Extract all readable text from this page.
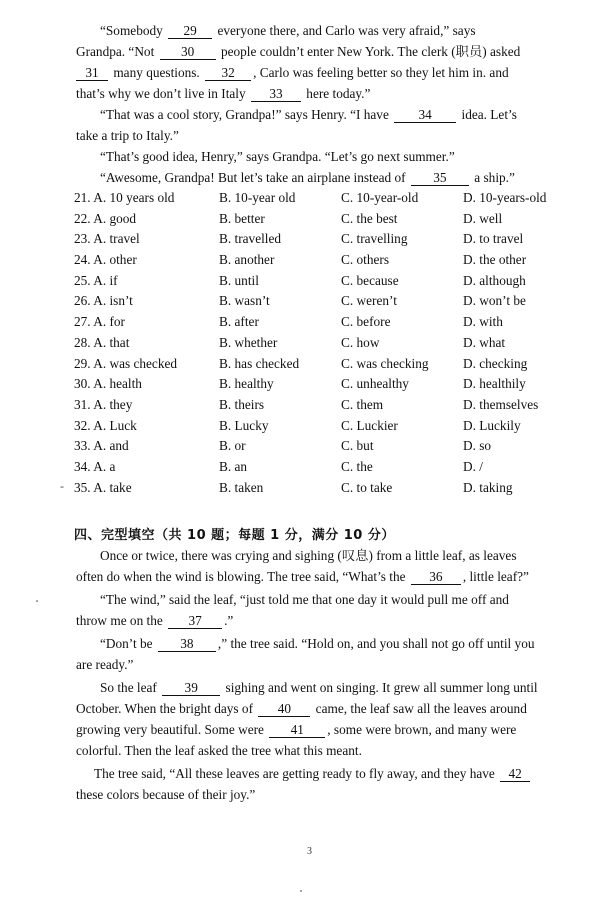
“Somebody 29 everyone there, and Carlo was very afraid,” says
Grandpa. “Not 30 people couldn’t enter New York. The clerk (职员) asked
31 many questions. 32 , Carlo was feeling better so they let him in. and
that’s why we don’t live in Italy 33 here today.”
“That was a cool story, Grandpa!” says Henry. “I have 34 idea. Let’s
take a trip to Italy.”
“That’s good idea, Henry,” says Grandpa. “Let’s go next summer.”
“Awesome, Grandpa! But let’s take an airplane instead of 35 a ship.”
21. A. 10 years old	B. 10-year old	C. 10-year-old	D. 10-years-old
22. A. good	B. better	C. the best	D. well
23. A. travel	B. travelled	C. travelling	D. to travel
24. A. other	B. another	C. others	D. the other
25. A. if	B. until	C. because	D. although
26. A. isn’t	B. wasn’t	C. weren’t	D. won’t be
27. A. for	B. after	C. before	D. with
28. A. that	B. whether	C. how	D. what
29. A. was checked	B. has checked	C. was checking	D. checking
30. A. health	B. healthy	C. unhealthy	D. healthily
31. A. they	B. theirs	C. them	D. themselves
32. A. Luck	B. Lucky	C. Luckier	D. Luckily
33. A. and	B. or	C. but	D. so
34. A. a	B. an	C. the	D. /
35. A. take	B. taken	C. to take	D. taking
-
四、完型填空（共 10 题；每题 1 分，满分 10 分）
Once or twice, there was crying and sighing (叹息) from a little leaf, as leaves
often do when the wind is blowing. The tree said, “What’s the 36 , little leaf?”
“The wind,” said the leaf, “just told me that one day it would pull me off and
throw me on the 37 .”
“Don’t be 38 ,” the tree said. “Hold on, and you shall not go off until you
are ready.”
So the leaf 39 sighing and went on singing. It grew all summer long until
October. When the bright days of 40 came, the leaf saw all the leaves around
growing very beautiful. Some were 41 , some were brown, and many were
colorful. Then the leaf asked the tree what this meant.
The tree said, “All these leaves are getting ready to fly away, and they have 42
these colors because of their joy.”
3
